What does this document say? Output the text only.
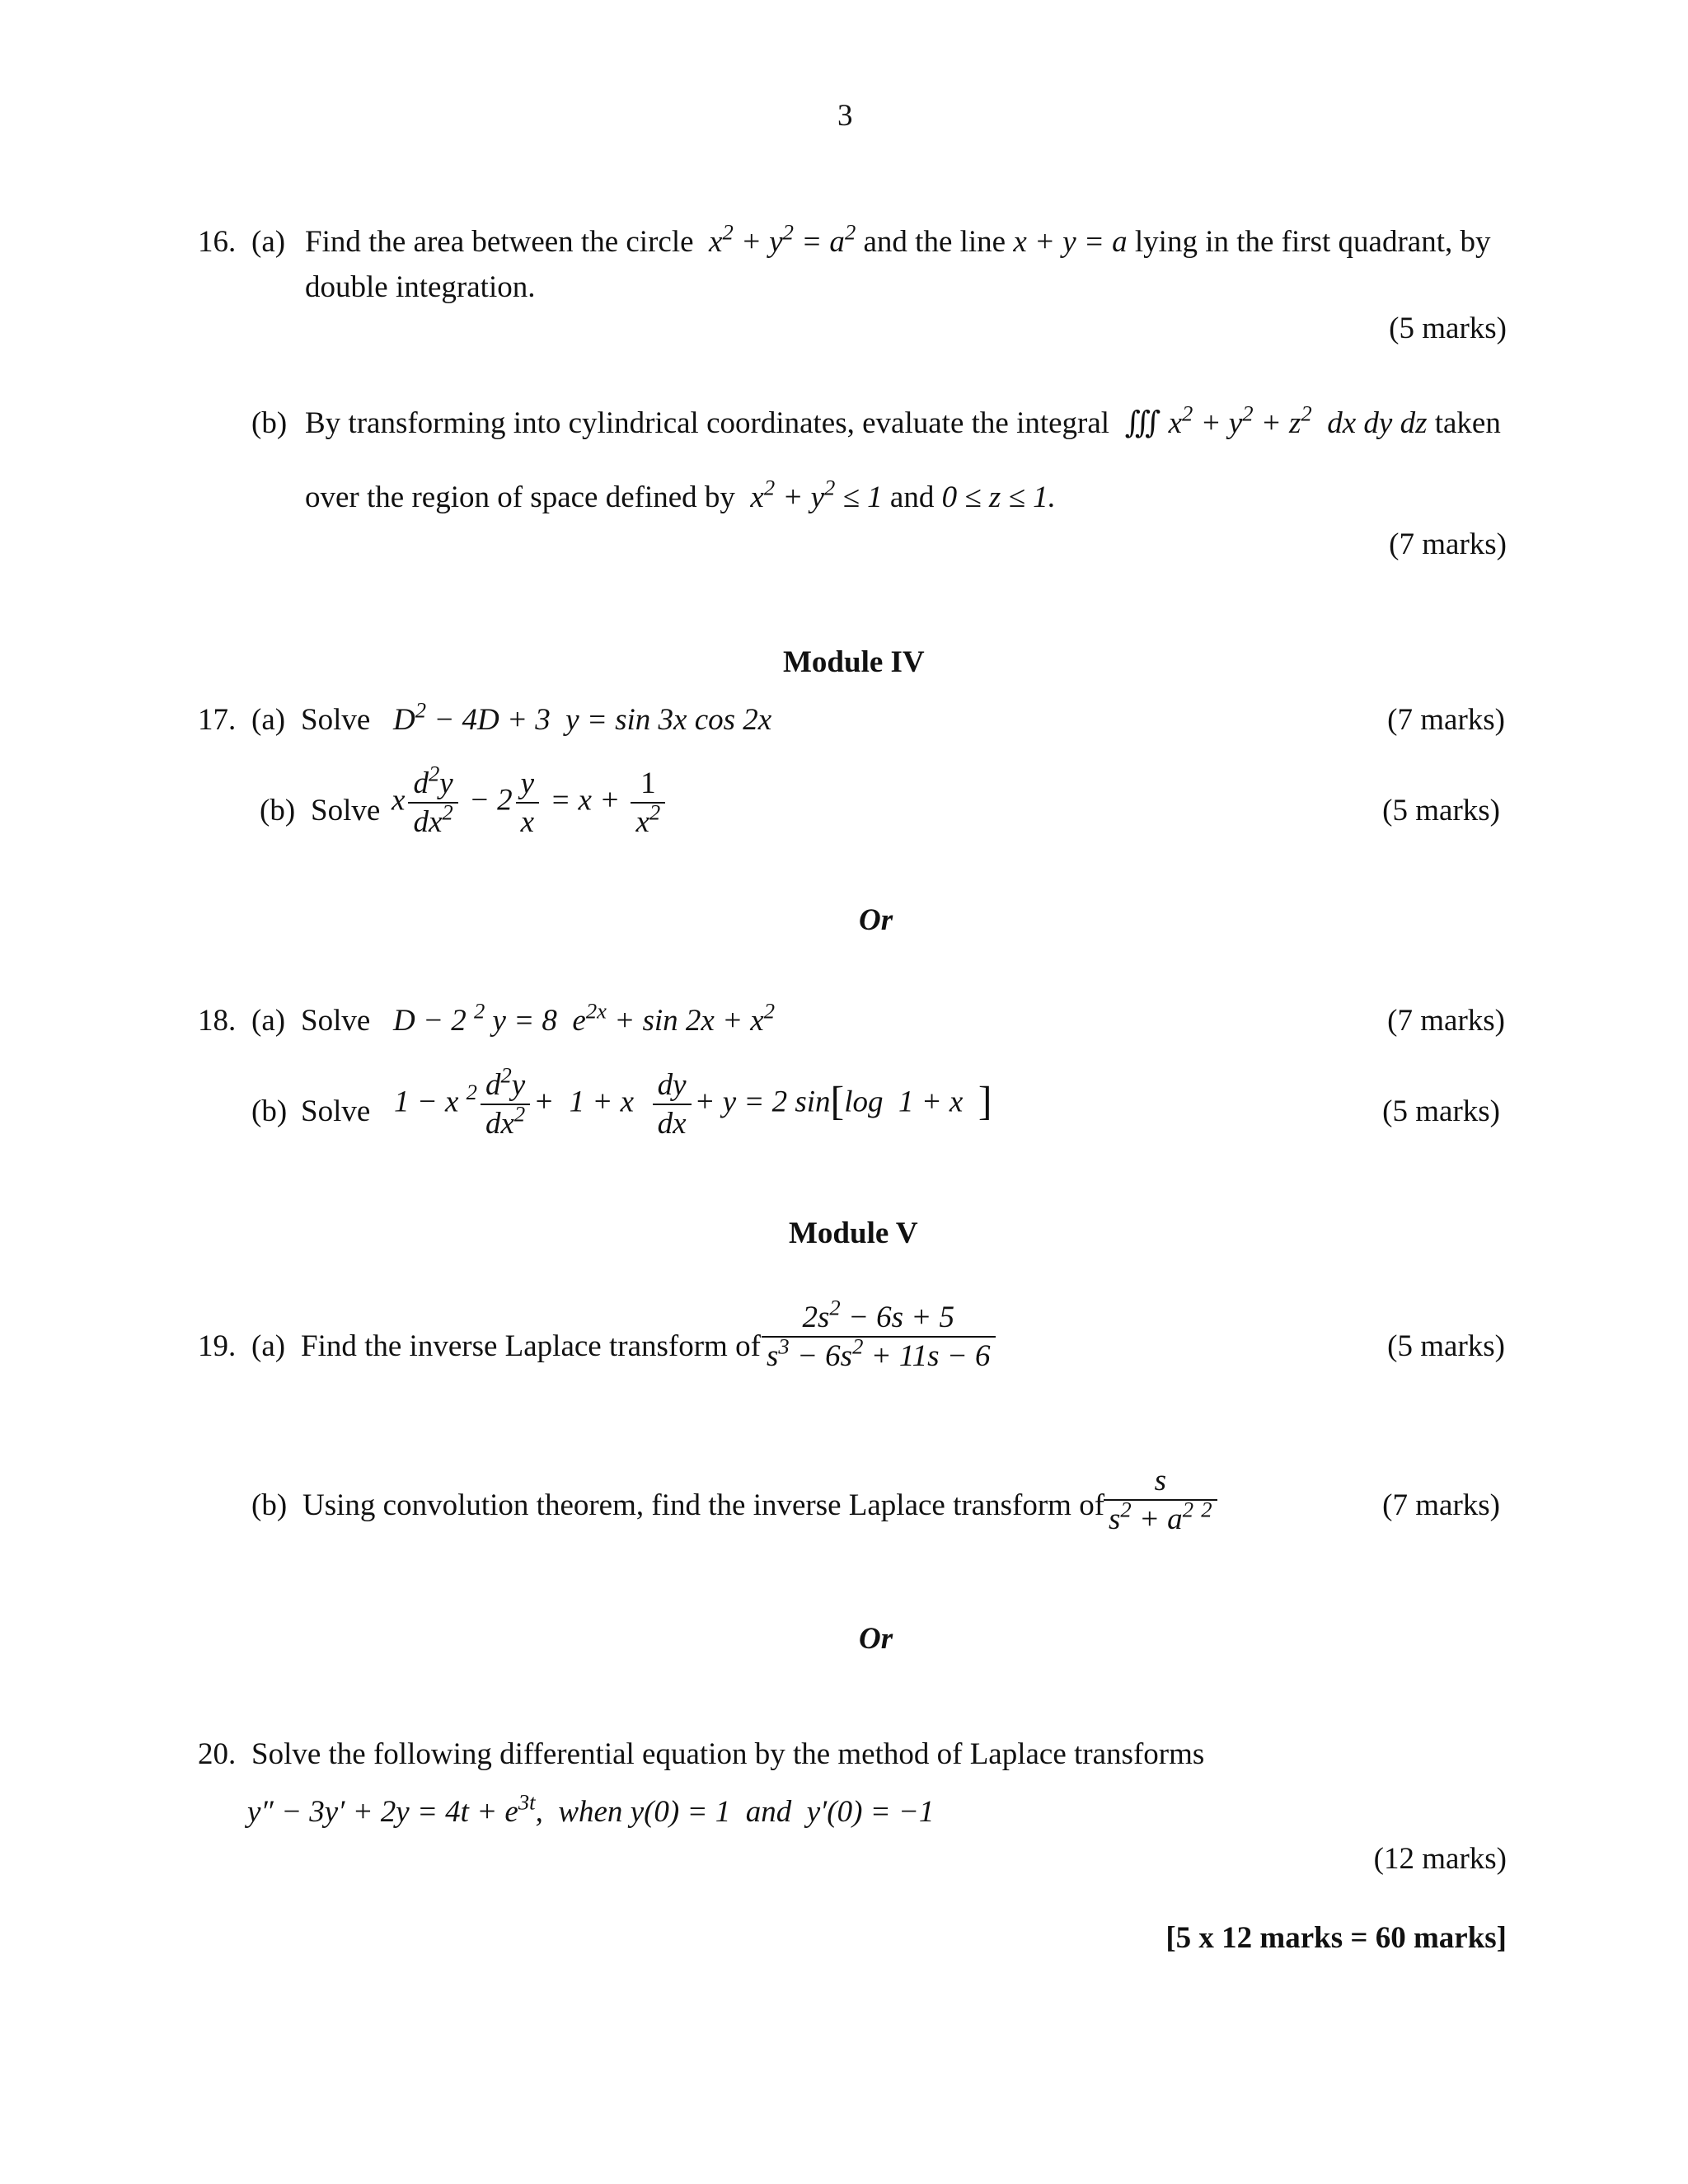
3
16. (a) Find the area between the circle  $x^2 + y^2 = a^2$ and the line x + y = a lying in the first quadrant, by
double integration.
(5 marks)
(b) By transforming into cylindrical coordinates, evaluate the integral  ∭ $x^2 + y^2 + z^2$ dx dy dz taken
over the region of space defined by  $x^2 + y^2 \le 1$ and 0 ≤ z ≤ 1.
(7 marks)
Module IV
17. (a) Solve   $D^2 - 4D + 3$  y = sin 3x cos 2x	(7 marks)
(b) Solve x $\frac{d^2y}{dx^2} - 2 \frac{y}{x} = x + \frac{1}{x^2}$	(5 marks)
Or
18. (a) Solve   D − 2 $^2$ y = 8  $e^{2x} + \sin 2x + x^2$	(7 marks)
(b) Solve 1 − x $^2 \frac{d^2y}{dx^2} + 1 + x \frac{dy}{dx} + y = 2$ sin[log  1 + x  ]	(5 marks)
Module V
19. (a) Find the inverse Laplace transform of $\frac{2s^2 - 6s + 5}{s^3 - 6s^2 + 11s - 6}$	(5 marks)
(b) Using convolution theorem, find the inverse Laplace transform of
$\frac{s}{s^2 + a^2 ^2}$	(7 marks)
Or
20. Solve the following differential equation by the method of Laplace transforms
$y'' - 3y' + 2y = 4t + e^{3t}$, when y(0) = 1 and y′(0) = −1
(12 marks)
[5 x 12 marks = 60 marks]
